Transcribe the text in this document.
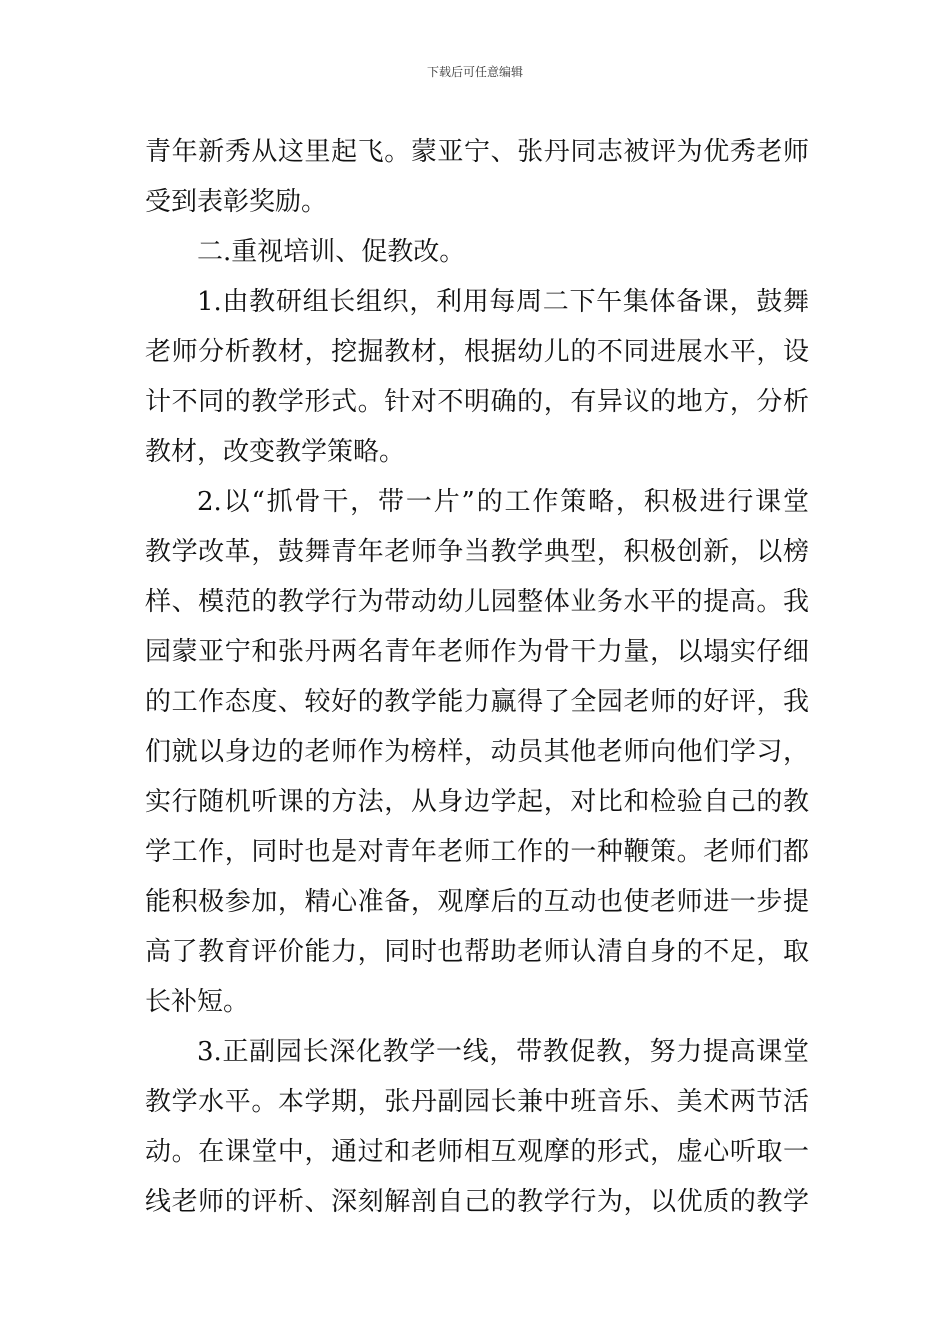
下载后可任意编辑
青年新秀从这里起飞。蒙亚宁、张丹同志被评为优秀老师
受到表彰奖励。
二.重视培训、促教改。
1.由教研组长组织，利用每周二下午集体备课，鼓舞
老师分析教材，挖掘教材，根据幼儿的不同进展水平，设
计不同的教学形式。针对不明确的，有异议的地方，分析
教材，改变教学策略。
2.以“抓骨干，带一片”的工作策略，积极进行课堂
教学改革，鼓舞青年老师争当教学典型，积极创新，以榜
样、模范的教学行为带动幼儿园整体业务水平的提高。我
园蒙亚宁和张丹两名青年老师作为骨干力量，以塌实仔细
的工作态度、较好的教学能力赢得了全园老师的好评，我
们就以身边的老师作为榜样，动员其他老师向他们学习，
实行随机听课的方法，从身边学起，对比和检验自己的教
学工作，同时也是对青年老师工作的一种鞭策。老师们都
能积极参加，精心准备，观摩后的互动也使老师进一步提
高了教育评价能力，同时也帮助老师认清自身的不足，取
长补短。
3.正副园长深化教学一线，带教促教，努力提高课堂
教学水平。本学期，张丹副园长兼中班音乐、美术两节活
动。在课堂中，通过和老师相互观摩的形式，虚心听取一
线老师的评析、深刻解剖自己的教学行为，以优质的教学
